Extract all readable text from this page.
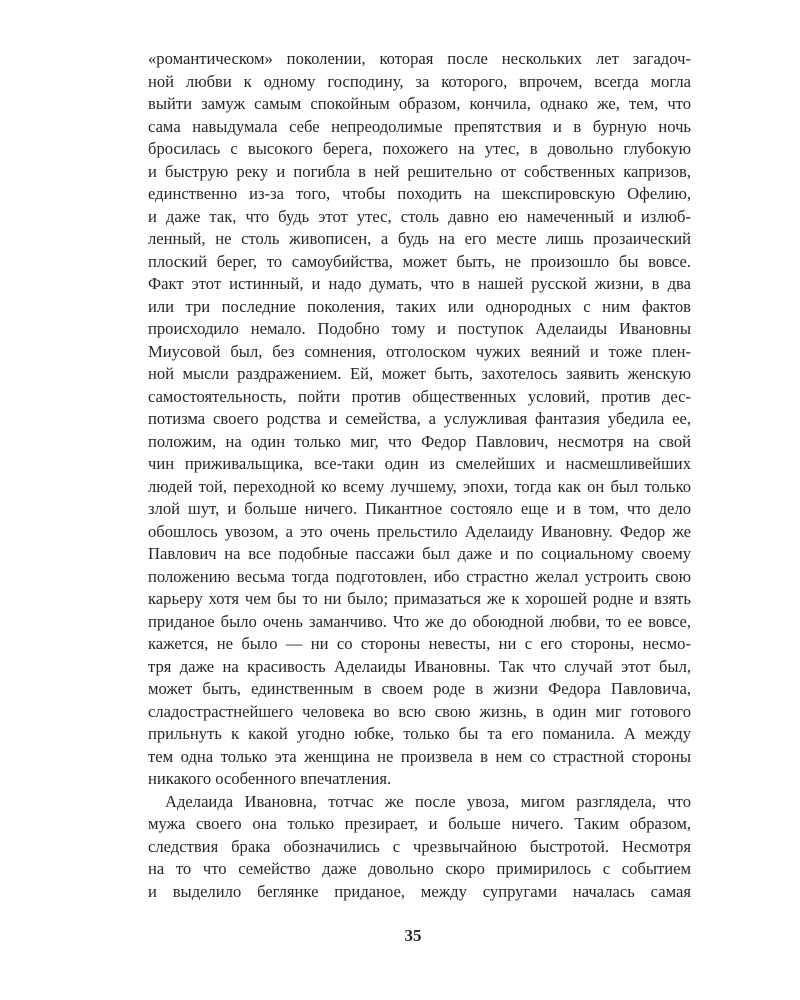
«романтическом» поколении, которая после нескольких лет загадоч-
ной любви к одному господину, за которого, впрочем, всегда могла
выйти замуж самым спокойным образом, кончила, однако же, тем, что
сама навыдумала себе непреодолимые препятствия и в бурную ночь
бросилась с высокого берега, похожего на утес, в довольно глубокую
и быструю реку и погибла в ней решительно от собственных капризов,
единственно из-за того, чтобы походить на шекспировскую Офелию,
и даже так, что будь этот утес, столь давно ею намеченный и излюб-
ленный, не столь живописен, а будь на его месте лишь прозаический
плоский берег, то самоубийства, может быть, не произошло бы вовсе.
Факт этот истинный, и надо думать, что в нашей русской жизни, в два
или три последние поколения, таких или однородных с ним фактов
происходило немало. Подобно тому и поступок Аделаиды Ивановны
Миусовой был, без сомнения, отголоском чужих веяний и тоже плен-
ной мысли раздражением. Ей, может быть, захотелось заявить женскую
самостоятельность, пойти против общественных условий, против дес-
потизма своего родства и семейства, а услужливая фантазия убедила ее,
положим, на один только миг, что Федор Павлович, несмотря на свой
чин приживальщика, все-таки один из смелейших и насмешливейших
людей той, переходной ко всему лучшему, эпохи, тогда как он был только
злой шут, и больше ничего. Пикантное состояло еще и в том, что дело
обошлось увозом, а это очень прельстило Аделаиду Ивановну. Федор же
Павлович на все подобные пассажи был даже и по социальному своему
положению весьма тогда подготовлен, ибо страстно желал устроить свою
карьеру хотя чем бы то ни было; примазаться же к хорошей родне и взять
приданое было очень заманчиво. Что же до обоюдной любви, то ее вовсе,
кажется, не было — ни со стороны невесты, ни с его стороны, несмо-
тря даже на красивость Аделаиды Ивановны. Так что случай этот был,
может быть, единственным в своем роде в жизни Федора Павловича,
сладострастнейшего человека во всю свою жизнь, в один миг готового
прильнуть к какой угодно юбке, только бы та его поманила. А между
тем одна только эта женщина не произвела в нем со страстной стороны
никакого особенного впечатления.
Аделаида Ивановна, тотчас же после увоза, мигом разглядела, что
мужа своего она только презирает, и больше ничего. Таким образом,
следствия брака обозначились с чрезвычайною быстротой. Несмотря
на то что семейство даже довольно скоро примирилось с событием
и выделило беглянке приданое, между супругами началась самая
35
